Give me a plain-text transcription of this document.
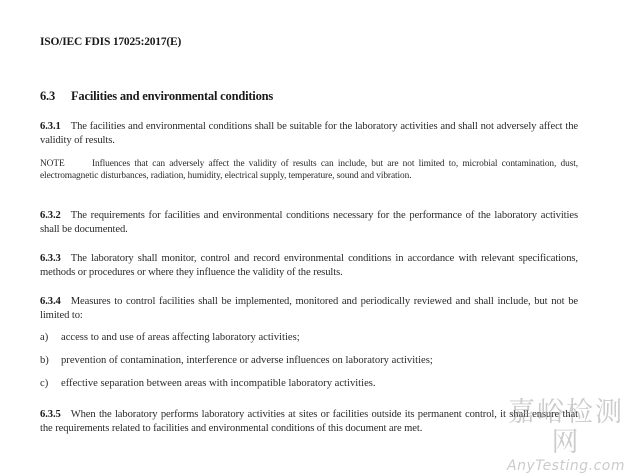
ISO/IEC FDIS 17025:2017(E)
6.3 Facilities and environmental conditions
6.3.1 The facilities and environmental conditions shall be suitable for the laboratory activities and shall not adversely affect the validity of results.
NOTE	Influences that can adversely affect the validity of results can include, but are not limited to, microbial contamination, dust, electromagnetic disturbances, radiation, humidity, electrical supply, temperature, sound and vibration.
6.3.2 The requirements for facilities and environmental conditions necessary for the performance of the laboratory activities shall be documented.
6.3.3 The laboratory shall monitor, control and record environmental conditions in accordance with relevant specifications, methods or procedures or where they influence the validity of the results.
6.3.4 Measures to control facilities shall be implemented, monitored and periodically reviewed and shall include, but not be limited to:
a) access to and use of areas affecting laboratory activities;
b) prevention of contamination, interference or adverse influences on laboratory activities;
c) effective separation between areas with incompatible laboratory activities.
6.3.5 When the laboratory performs laboratory activities at sites or facilities outside its permanent control, it shall ensure that the requirements related to facilities and environmental conditions of this document are met.	嘉峪检测网
AnyTesting.com
